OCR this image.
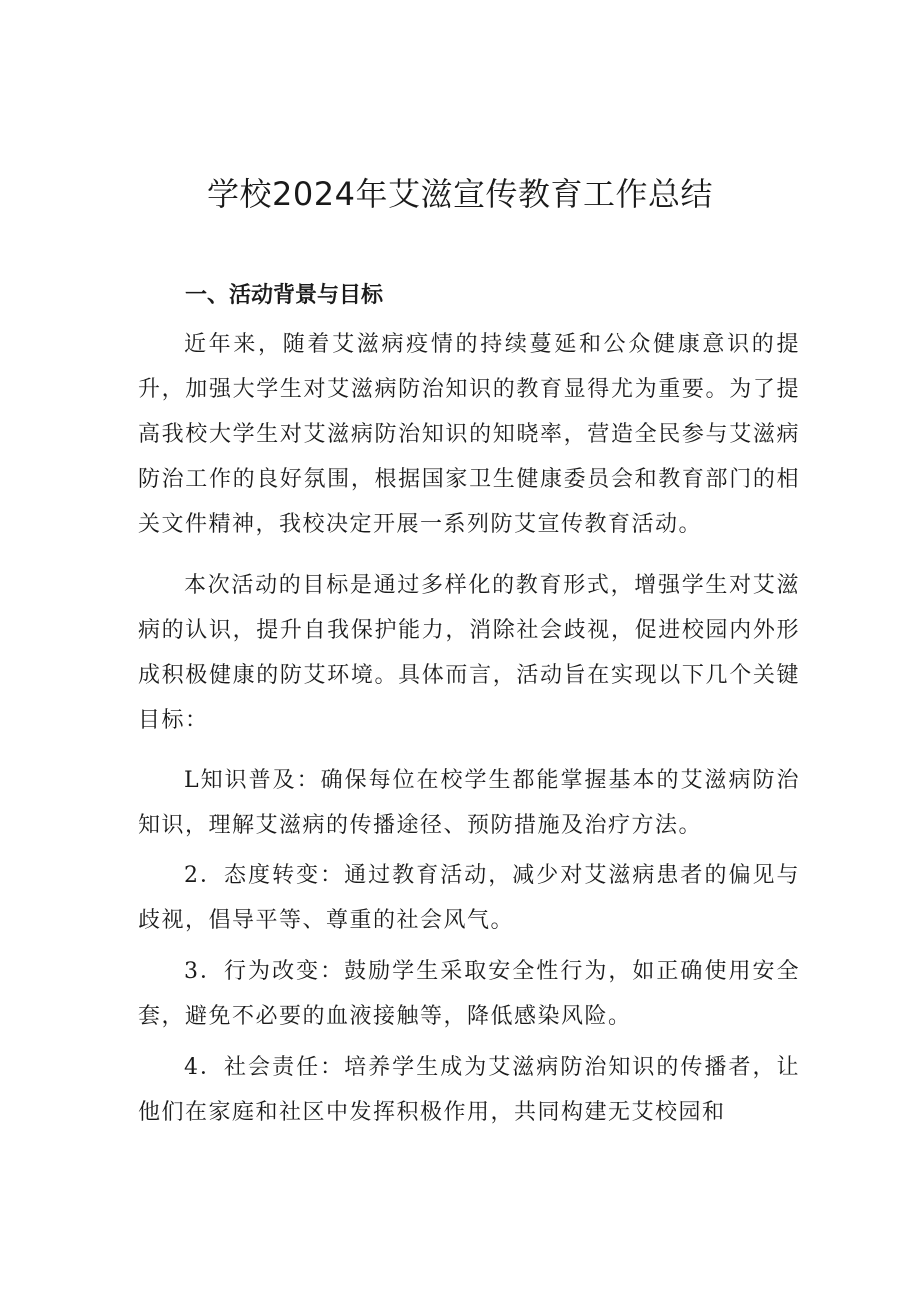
学校2024年艾滋宣传教育工作总结
一、活动背景与目标

近年来，随着艾滋病疫情的持续蔓延和公众健康意识的提升，加强大学生对艾滋病防治知识的教育显得尤为重要。为了提高我校大学生对艾滋病防治知识的知晓率，营造全民参与艾滋病防治工作的良好氛围，根据国家卫生健康委员会和教育部门的相关文件精神，我校决定开展一系列防艾宣传教育活动。

本次活动的目标是通过多样化的教育形式，增强学生对艾滋病的认识，提升自我保护能力，消除社会歧视，促进校园内外形成积极健康的防艾环境。具体而言，活动旨在实现以下几个关键目标：

L知识普及：确保每位在校学生都能掌握基本的艾滋病防治知识，理解艾滋病的传播途径、预防措施及治疗方法。

2．态度转变：通过教育活动，减少对艾滋病患者的偏见与歧视，倡导平等、尊重的社会风气。

3．行为改变：鼓励学生采取安全性行为，如正确使用安全套，避免不必要的血液接触等，降低感染风险。

4．社会责任：培养学生成为艾滋病防治知识的传播者，让他们在家庭和社区中发挥积极作用，共同构建无艾校园和
